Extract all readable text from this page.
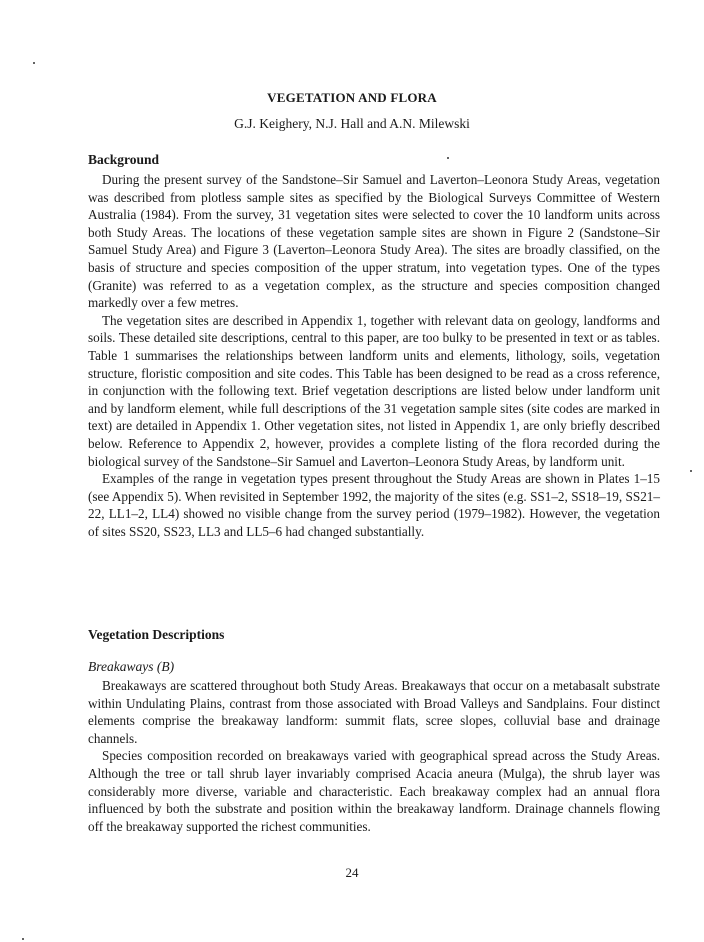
VEGETATION AND FLORA
G.J. Keighery, N.J. Hall and A.N. Milewski
Background

During the present survey of the Sandstone–Sir Samuel and Laverton–Leonora Study Areas, vegetation was described from plotless sample sites as specified by the Biological Surveys Committee of Western Australia (1984). From the survey, 31 vegetation sites were selected to cover the 10 landform units across both Study Areas. The locations of these vegetation sample sites are shown in Figure 2 (Sandstone–Sir Samuel Study Area) and Figure 3 (Laverton–Leonora Study Area). The sites are broadly classified, on the basis of structure and species composition of the upper stratum, into vegetation types. One of the types (Granite) was referred to as a vegetation complex, as the structure and species composition changed markedly over a few metres.

The vegetation sites are described in Appendix 1, together with relevant data on geology, landforms and soils. These detailed site descriptions, central to this paper, are too bulky to be presented in text or as tables. Table 1 summarises the relationships between landform units and elements, lithology, soils, vegetation structure, floristic composition and site codes. This Table has been designed to be read as a cross reference, in conjunction with the following text. Brief vegetation descriptions are listed below under landform unit and by landform element, while full descriptions of the 31 vegetation sample sites (site codes are marked in text) are detailed in Appendix 1. Other vegetation sites, not listed in Appendix 1, are only briefly described below. Reference to Appendix 2, however, provides a complete listing of the flora recorded during the biological survey of the Sandstone–Sir Samuel and Laverton–Leonora Study Areas, by landform unit.

Examples of the range in vegetation types present throughout the Study Areas are shown in Plates 1–15 (see Appendix 5). When revisited in September 1992, the majority of the sites (e.g. SS1–2, SS18–19, SS21–22, LL1–2, LL4) showed no visible change from the survey period (1979–1982). However, the vegetation of sites SS20, SS23, LL3 and LL5–6 had changed substantially.

Vegetation Descriptions
Breakaways (B)

Breakaways are scattered throughout both Study Areas. Breakaways that occur on a metabasalt substrate within Undulating Plains, contrast from those associated with Broad Valleys and Sandplains. Four distinct elements comprise the breakaway landform: summit flats, scree slopes, colluvial base and drainage channels.

Species composition recorded on breakaways varied with geographical spread across the Study Areas. Although the tree or tall shrub layer invariably comprised Acacia aneura (Mulga), the shrub layer was considerably more diverse, variable and characteristic. Each breakaway complex had an annual flora influenced by both the substrate and position within the breakaway landform. Drainage channels flowing off the breakaway supported the richest communities.

24
